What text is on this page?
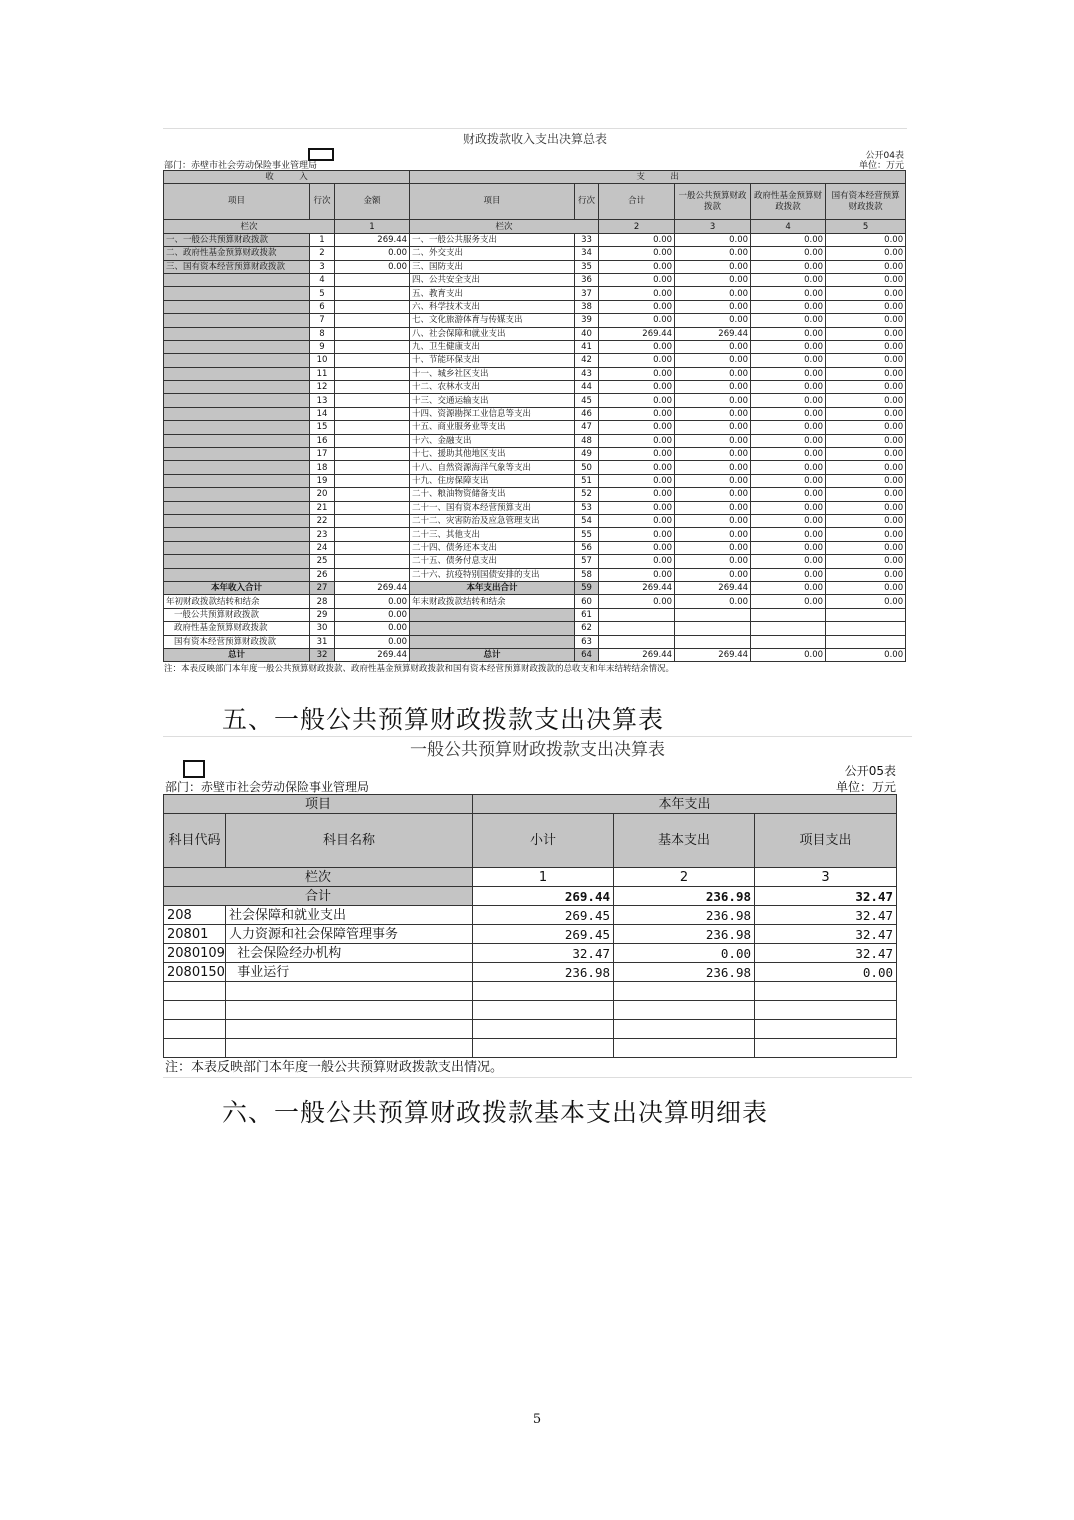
财政拨款收入支出决算总表
部门：赤壁市社会劳动保险事业管理局
公开04表
单位：万元
收　　　入			支　　　出					
项目	行次	金额	项目	行次	合计	一般公共预算财政拨款	政府性基金预算财政拨款	国有资本经营预算财政拨款
栏次		1	栏次		2	3	4	5
一、一般公共预算财政拨款	1	269.44	一、一般公共服务支出	33	0.00	0.00	0.00	0.00
二、政府性基金预算财政拨款	2	0.00	二、外交支出	34	0.00	0.00	0.00	0.00
三、国有资本经营预算财政拨款	3	0.00	三、国防支出	35	0.00	0.00	0.00	0.00
	4		四、公共安全支出	36	0.00	0.00	0.00	0.00
	5		五、教育支出	37	0.00	0.00	0.00	0.00
	6		六、科学技术支出	38	0.00	0.00	0.00	0.00
	7		七、文化旅游体育与传媒支出	39	0.00	0.00	0.00	0.00
	8		八、社会保障和就业支出	40	269.44	269.44	0.00	0.00
	9		九、卫生健康支出	41	0.00	0.00	0.00	0.00
	10		十、节能环保支出	42	0.00	0.00	0.00	0.00
	11		十一、城乡社区支出	43	0.00	0.00	0.00	0.00
	12		十二、农林水支出	44	0.00	0.00	0.00	0.00
	13		十三、交通运输支出	45	0.00	0.00	0.00	0.00
	14		十四、资源勘探工业信息等支出	46	0.00	0.00	0.00	0.00
	15		十五、商业服务业等支出	47	0.00	0.00	0.00	0.00
	16		十六、金融支出	48	0.00	0.00	0.00	0.00
	17		十七、援助其他地区支出	49	0.00	0.00	0.00	0.00
	18		十八、自然资源海洋气象等支出	50	0.00	0.00	0.00	0.00
	19		十九、住房保障支出	51	0.00	0.00	0.00	0.00
	20		二十、粮油物资储备支出	52	0.00	0.00	0.00	0.00
	21		二十一、国有资本经营预算支出	53	0.00	0.00	0.00	0.00
	22		二十二、灾害防治及应急管理支出	54	0.00	0.00	0.00	0.00
	23		二十三、其他支出	55	0.00	0.00	0.00	0.00
	24		二十四、债务还本支出	56	0.00	0.00	0.00	0.00
	25		二十五、债务付息支出	57	0.00	0.00	0.00	0.00
	26		二十六、抗疫特别国债安排的支出	58	0.00	0.00	0.00	0.00
本年收入合计	27	269.44	本年支出合计	59	269.44	269.44	0.00	0.00
年初财政拨款结转和结余	28	0.00	年末财政拨款结转和结余	60	0.00	0.00	0.00	0.00
一般公共预算财政拨款	29	0.00		61				
政府性基金预算财政拨款	30	0.00		62				
国有资本经营预算财政拨款	31	0.00		63				
总计	32	269.44	总计	64	269.44	269.44	0.00	0.00
注：本表反映部门本年度一般公共预算财政拨款、政府性基金预算财政拨款和国有资本经营预算财政拨款的总收支和年末结转结余情况。
五、一般公共预算财政拨款支出决算表
一般公共预算财政拨款支出决算表
公开05表
部门：赤壁市社会劳动保险事业管理局	单位：万元
项目		本年支出		
科目代码	科目名称	小计	基本支出	项目支出
栏次		1	2	3
合计		269.44	236.98	32.47
208	社会保障和就业支出	269.45	236.98	32.47
20801	人力资源和社会保障管理事务	269.45	236.98	32.47
2080109	社会保险经办机构	32.47	0.00	32.47
2080150	事业运行	236.98	236.98	0.00

注：本表反映部门本年度一般公共预算财政拨款支出情况。
六、一般公共预算财政拨款基本支出决算明细表
5
